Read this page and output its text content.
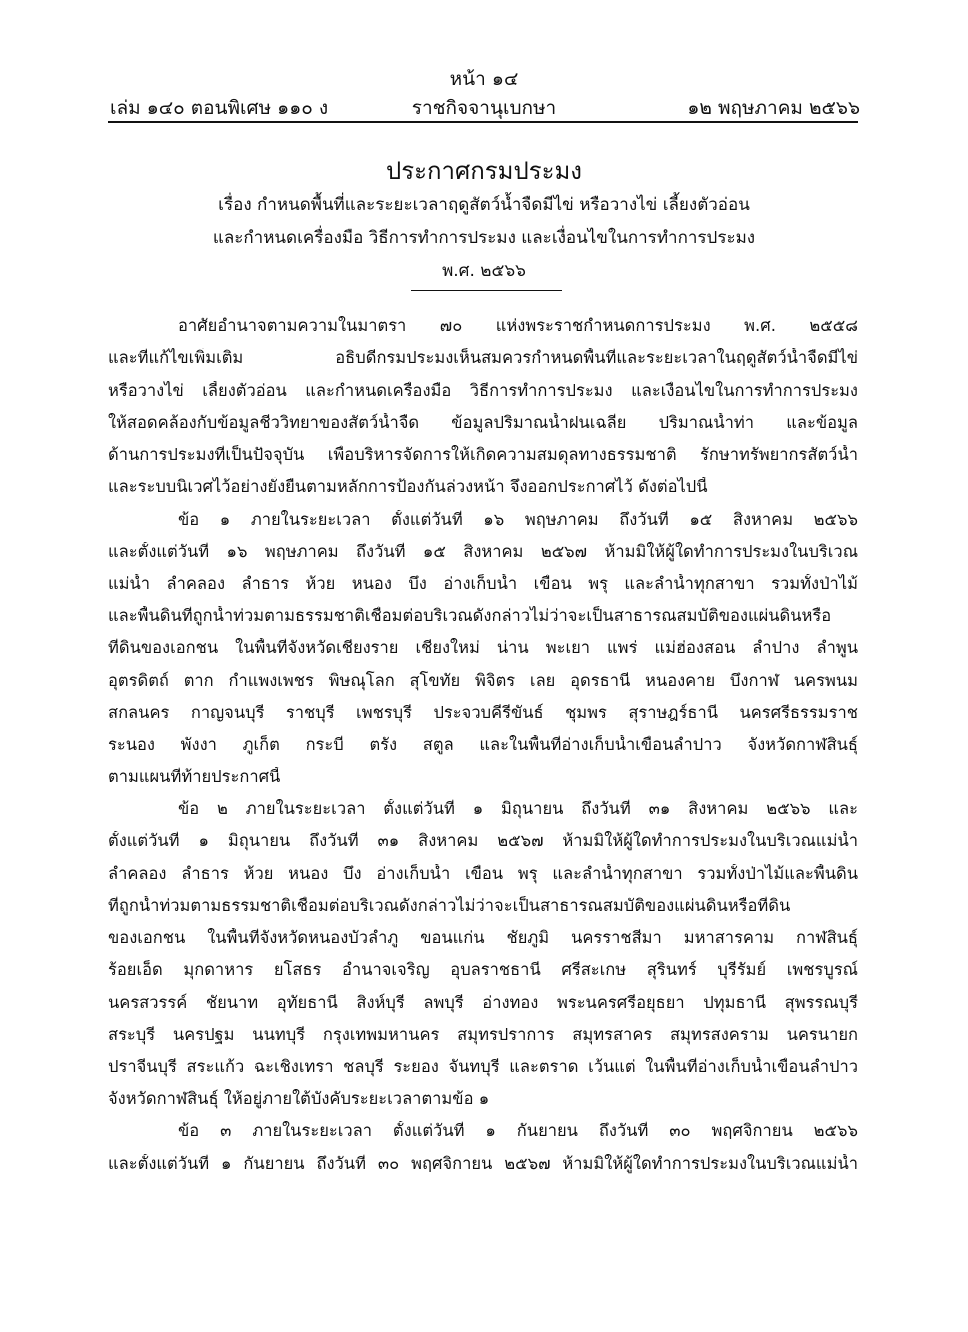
หน้า ๑๔
เล่ม ๑๔๐ ตอนพิเศษ ๑๑๐ ง	ราชกิจจานุเบกษา	๑๒ พฤษภาคม ๒๕๖๖
ประกาศกรมประมง
เรื่อง กำหนดพื้นที่และระยะเวลาฤดูสัตว์น้ำจืดมีไข่ หรือวางไข่ เลี้ยงตัวอ่อน
และกำหนดเครื่องมือ วิธีการทำการประมง และเงื่อนไขในการทำการประมง
พ.ศ. ๒๕๖๖
อาศัยอำนาจตามความในมาตรา ๗๐ แห่งพระราชกำหนดการประมง พ.ศ. ๒๕๕๘
และที่แก้ไขเพิ่มเติม อธิบดีกรมประมงเห็นสมควรกำหนดพื้นที่และระยะเวลาในฤดูสัตว์น้ำจืดมีไข่
หรือวางไข่ เลี้ยงตัวอ่อน และกำหนดเครื่องมือ วิธีการทำการประมง และเงื่อนไขในการทำการประมง
ให้สอดคล้องกับข้อมูลชีววิทยาของสัตว์น้ำจืด ข้อมูลปริมาณน้ำฝนเฉลี่ย ปริมาณน้ำท่า และข้อมูล
ด้านการประมงที่เป็นปัจจุบัน เพื่อบริหารจัดการให้เกิดความสมดุลทางธรรมชาติ รักษาทรัพยากรสัตว์น้ำ
และระบบนิเวศไว้อย่างยั่งยืนตามหลักการป้องกันล่วงหน้า จึงออกประกาศไว้ ดังต่อไปนี้
ข้อ ๑ ภายในระยะเวลา ตั้งแต่วันที่ ๑๖ พฤษภาคม ถึงวันที่ ๑๕ สิงหาคม ๒๕๖๖
และตั้งแต่วันที่ ๑๖ พฤษภาคม ถึงวันที่ ๑๕ สิงหาคม ๒๕๖๗ ห้ามมิให้ผู้ใดทำการประมงในบริเวณ
แม่น้ำ ลำคลอง ลำธาร ห้วย หนอง บึง อ่างเก็บน้ำ เขื่อน พรุ และลำน้ำทุกสาขา รวมทั้งป่าไม้
และพื้นดินที่ถูกน้ำท่วมตามธรรมชาติเชื่อมต่อบริเวณดังกล่าวไม่ว่าจะเป็นสาธารณสมบัติของแผ่นดินหรือ
ที่ดินของเอกชน ในพื้นที่จังหวัดเชียงราย เชียงใหม่ น่าน พะเยา แพร่ แม่ฮ่องสอน ลำปาง ลำพูน
อุตรดิตถ์ ตาก กำแพงเพชร พิษณุโลก สุโขทัย พิจิตร เลย อุดรธานี หนองคาย บึงกาฬ นครพนม
สกลนคร กาญจนบุรี ราชบุรี เพชรบุรี ประจวบคีรีขันธ์ ชุมพร สุราษฎร์ธานี นครศรีธรรมราช
ระนอง พังงา ภูเก็ต กระบี่ ตรัง สตูล และในพื้นที่อ่างเก็บน้ำเขื่อนลำปาว จังหวัดกาฬสินธุ์
ตามแผนที่ท้ายประกาศนี้
ข้อ ๒ ภายในระยะเวลา ตั้งแต่วันที่ ๑ มิถุนายน ถึงวันที่ ๓๑ สิงหาคม ๒๕๖๖ และ
ตั้งแต่วันที่ ๑ มิถุนายน ถึงวันที่ ๓๑ สิงหาคม ๒๕๖๗ ห้ามมิให้ผู้ใดทำการประมงในบริเวณแม่น้ำ
ลำคลอง ลำธาร ห้วย หนอง บึง อ่างเก็บน้ำ เขื่อน พรุ และลำน้ำทุกสาขา รวมทั้งป่าไม้และพื้นดิน
ที่ถูกน้ำท่วมตามธรรมชาติเชื่อมต่อบริเวณดังกล่าวไม่ว่าจะเป็นสาธารณสมบัติของแผ่นดินหรือที่ดิน
ของเอกชน ในพื้นที่จังหวัดหนองบัวลำภู ขอนแก่น ชัยภูมิ นครราชสีมา มหาสารคาม กาฬสินธุ์
ร้อยเอ็ด มุกดาหาร ยโสธร อำนาจเจริญ อุบลราชธานี ศรีสะเกษ สุรินทร์ บุรีรัมย์ เพชรบูรณ์
นครสวรรค์ ชัยนาท อุทัยธานี สิงห์บุรี ลพบุรี อ่างทอง พระนครศรีอยุธยา ปทุมธานี สุพรรณบุรี
สระบุรี นครปฐม นนทบุรี กรุงเทพมหานคร สมุทรปราการ สมุทรสาคร สมุทรสงคราม นครนายก
ปราจีนบุรี สระแก้ว ฉะเชิงเทรา ชลบุรี ระยอง จันทบุรี และตราด เว้นแต่ ในพื้นที่อ่างเก็บน้ำเขื่อนลำปาว
จังหวัดกาฬสินธุ์ ให้อยู่ภายใต้บังคับระยะเวลาตามข้อ ๑
ข้อ ๓ ภายในระยะเวลา ตั้งแต่วันที่ ๑ กันยายน ถึงวันที่ ๓๐ พฤศจิกายน ๒๕๖๖
และตั้งแต่วันที่ ๑ กันยายน ถึงวันที่ ๓๐ พฤศจิกายน ๒๕๖๗ ห้ามมิให้ผู้ใดทำการประมงในบริเวณแม่น้ำ
